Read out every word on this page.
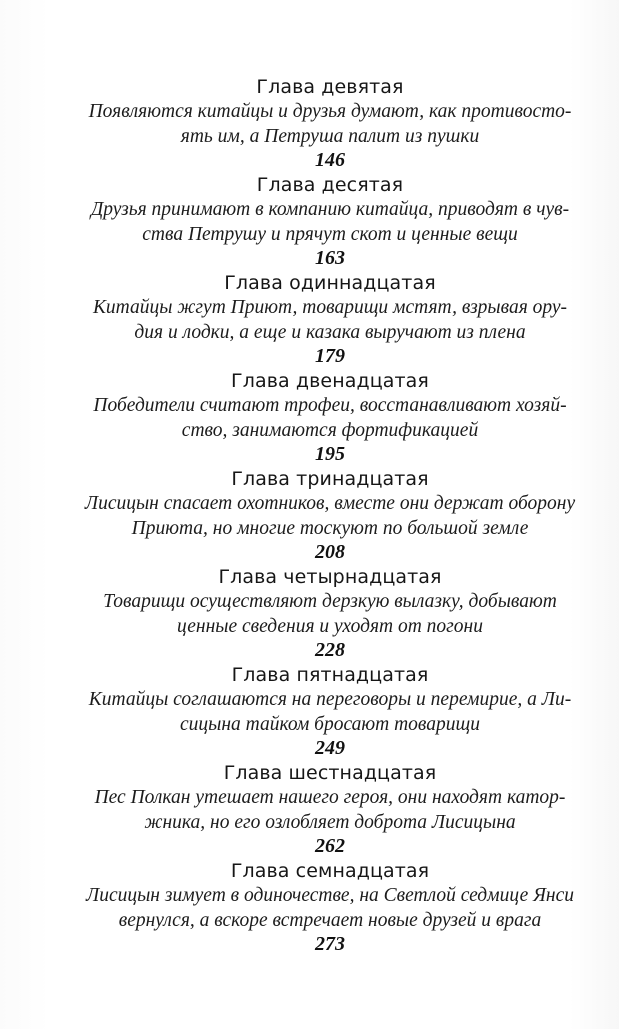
Глава девятая
Появляются китайцы и друзья думают, как противосто-
ять им, а Петруша палит из пушки
146
Глава десятая
Друзья принимают в компанию китайца, приводят в чув-
ства Петрушу и прячут скот и ценные вещи
163
Глава одиннадцатая
Китайцы жгут Приют, товарищи мстят, взрывая ору-
дия и лодки, а еще и казака выручают из плена
179
Глава двенадцатая
Победители считают трофеи, восстанавливают хозяй-
ство, занимаются фортификацией
195
Глава тринадцатая
Лисицын спасает охотников, вместе они держат оборону
Приюта, но многие тоскуют по большой земле
208
Глава четырнадцатая
Товарищи осуществляют дерзкую вылазку, добывают
ценные сведения и уходят от погони
228
Глава пятнадцатая
Китайцы соглашаются на переговоры и перемирие, а Ли-
сицына тайком бросают товарищи
249
Глава шестнадцатая
Пес Полкан утешает нашего героя, они находят катор-
жника, но его озлобляет доброта Лисицына
262
Глава семнадцатая
Лисицын зимует в одиночестве, на Светлой седмице Янси
вернулся, а вскоре встречает новые друзей и врага
273
